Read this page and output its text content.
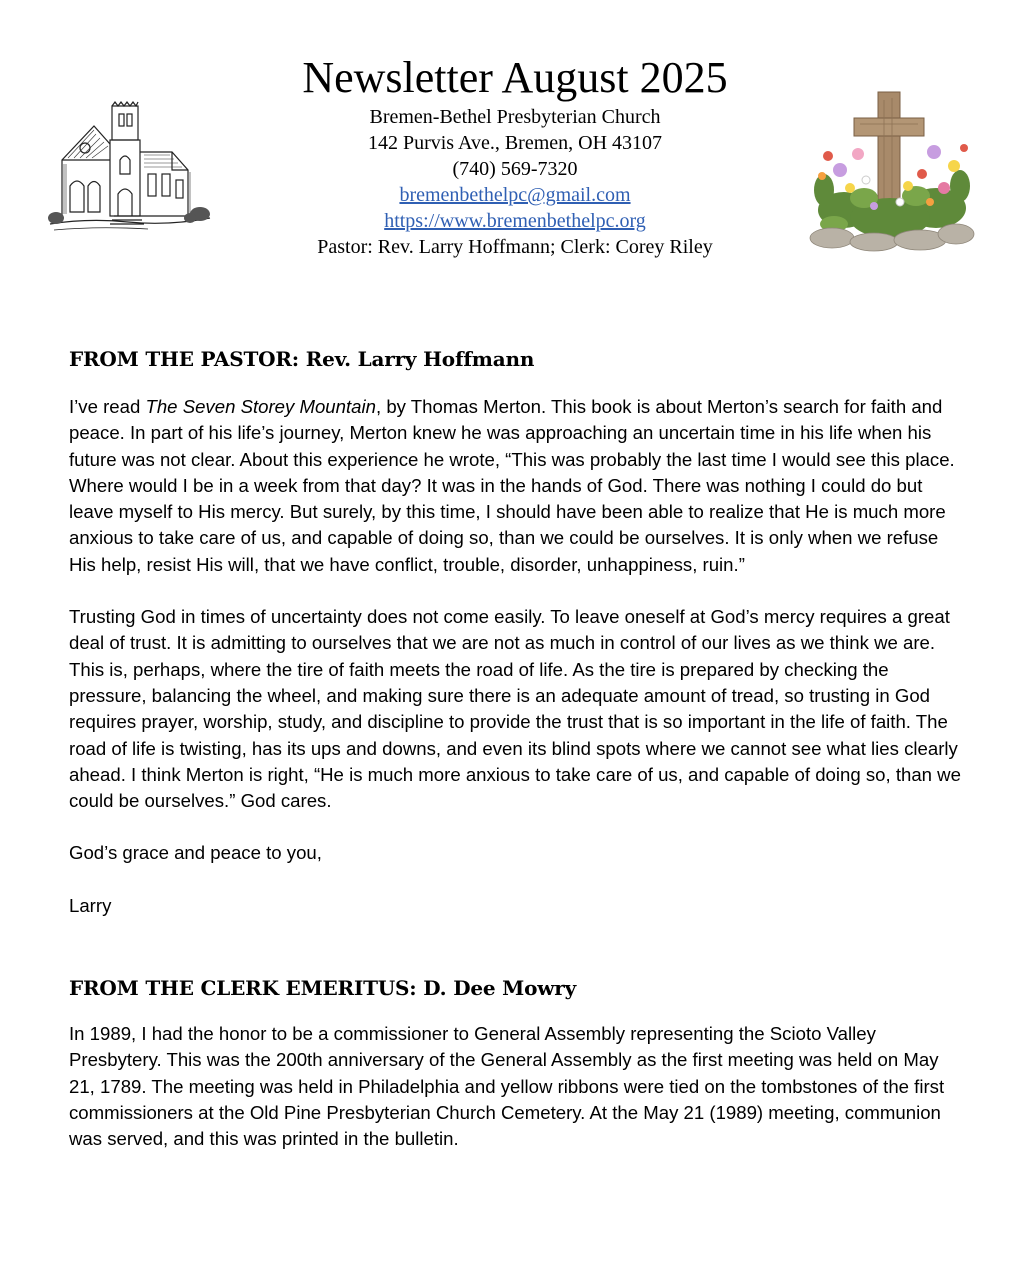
Newsletter August 2025
Bremen-Bethel Presbyterian Church
142 Purvis Ave., Bremen, OH 43107
(740) 569-7320
bremenbethelpc@gmail.com
https://www.bremenbethelpc.org
Pastor: Rev. Larry Hoffmann; Clerk: Corey Riley
FROM THE PASTOR: Rev. Larry Hoffmann

I’ve read The Seven Storey Mountain, by Thomas Merton. This book is about Merton’s search for faith and peace. In part of his life’s journey, Merton knew he was approaching an uncertain time in his life when his future was not clear. About this experience he wrote, “This was probably the last time I would see this place. Where would I be in a week from that day? It was in the hands of God. There was nothing I could do but leave myself to His mercy. But surely, by this time, I should have been able to realize that He is much more anxious to take care of us, and capable of doing so, than we could be ourselves. It is only when we refuse His help, resist His will, that we have conflict, trouble, disorder, unhappiness, ruin.”

Trusting God in times of uncertainty does not come easily. To leave oneself at God’s mercy requires a great deal of trust. It is admitting to ourselves that we are not as much in control of our lives as we think we are. This is, perhaps, where the tire of faith meets the road of life. As the tire is prepared by checking the pressure, balancing the wheel, and making sure there is an adequate amount of tread, so trusting in God requires prayer, worship, study, and discipline to provide the trust that is so important in the life of faith. The road of life is twisting, has its ups and downs, and even its blind spots where we cannot see what lies clearly ahead. I think Merton is right, “He is much more anxious to take care of us, and capable of doing so, than we could be ourselves.” God cares.

God’s grace and peace to you,

Larry

FROM THE CLERK EMERITUS: D. Dee Mowry

In 1989, I had the honor to be a commissioner to General Assembly representing the Scioto Valley Presbytery. This was the 200th anniversary of the General Assembly as the first meeting was held on May 21, 1789. The meeting was held in Philadelphia and yellow ribbons were tied on the tombstones of the first commissioners at the Old Pine Presbyterian Church Cemetery. At the May 21 (1989) meeting, communion was served, and this was printed in the bulletin.
